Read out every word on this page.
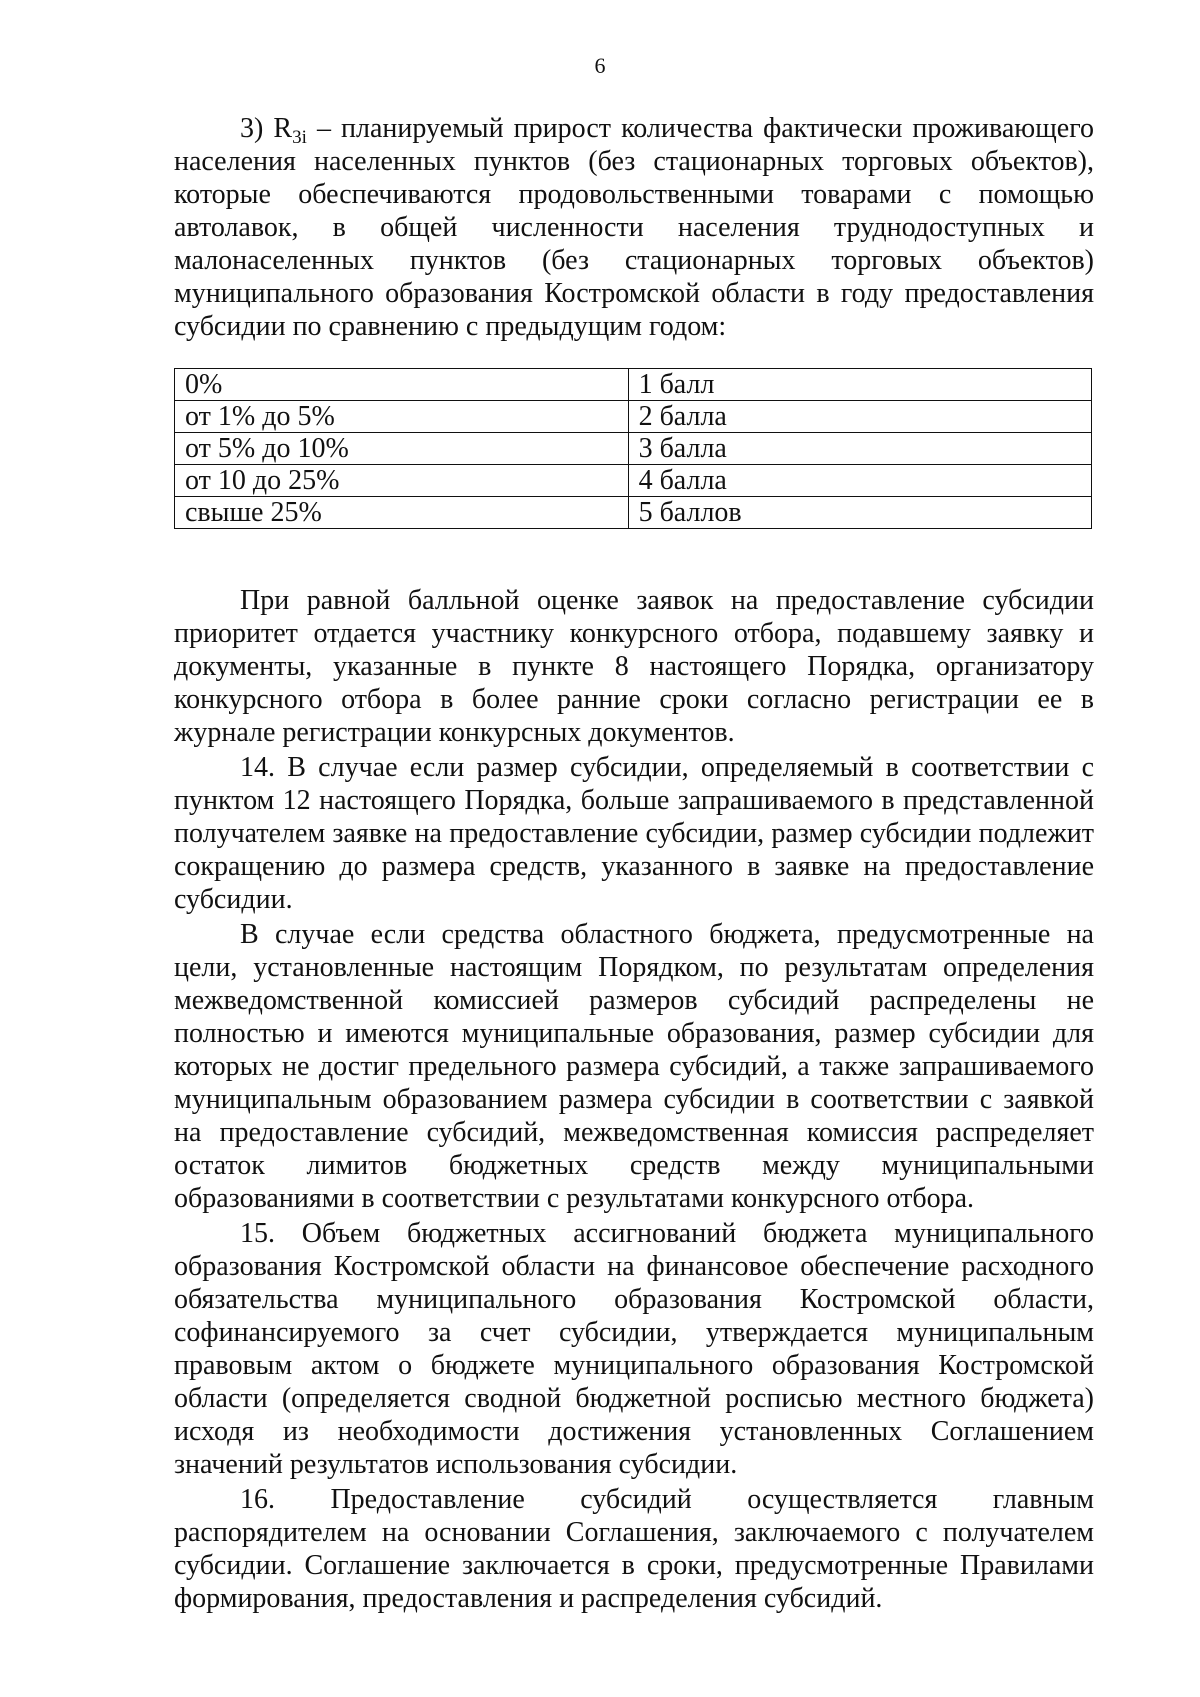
6

3) $R_{3i}$ – планируемый прирост количества фактически проживающего населения населенных пунктов (без стационарных торговых объектов), которые обеспечиваются продовольственными товарами с помощью автолавок, в общей численности населения труднодоступных и малонаселенных пунктов (без стационарных торговых объектов) муниципального образования Костромской области в году предоставления субсидии по сравнению с предыдущим годом:

0%	1 балл
от 1% до 5%	2 балла
от 5% до 10%	3 балла
от 10 до 25%	4 балла
свыше 25%	5 баллов

При равной балльной оценке заявок на предоставление субсидии приоритет отдается участнику конкурсного отбора, подавшему заявку и документы, указанные в пункте 8 настоящего Порядка, организатору конкурсного отбора в более ранние сроки согласно регистрации ее в журнале регистрации конкурсных документов.

14. В случае если размер субсидии, определяемый в соответствии с пунктом 12 настоящего Порядка, больше запрашиваемого в представленной получателем заявке на предоставление субсидии, размер субсидии подлежит сокращению до размера средств, указанного в заявке на предоставление субсидии.

В случае если средства областного бюджета, предусмотренные на цели, установленные настоящим Порядком, по результатам определения межведомственной комиссией размеров субсидий распределены не полностью и имеются муниципальные образования, размер субсидии для которых не достиг предельного размера субсидий, а также запрашиваемого муниципальным образованием размера субсидии в соответствии с заявкой на предоставление субсидий, межведомственная комиссия распределяет остаток лимитов бюджетных средств между муниципальными образованиями в соответствии с результатами конкурсного отбора.

15. Объем бюджетных ассигнований бюджета муниципального образования Костромской области на финансовое обеспечение расходного обязательства муниципального образования Костромской области, софинансируемого за счет субсидии, утверждается муниципальным правовым актом о бюджете муниципального образования Костромской области (определяется сводной бюджетной росписью местного бюджета) исходя из необходимости достижения установленных Соглашением значений результатов использования субсидии.

16. Предоставление субсидий осуществляется главным распорядителем на основании Соглашения, заключаемого с получателем субсидии. Соглашение заключается в сроки, предусмотренные Правилами формирования, предоставления и распределения субсидий.
